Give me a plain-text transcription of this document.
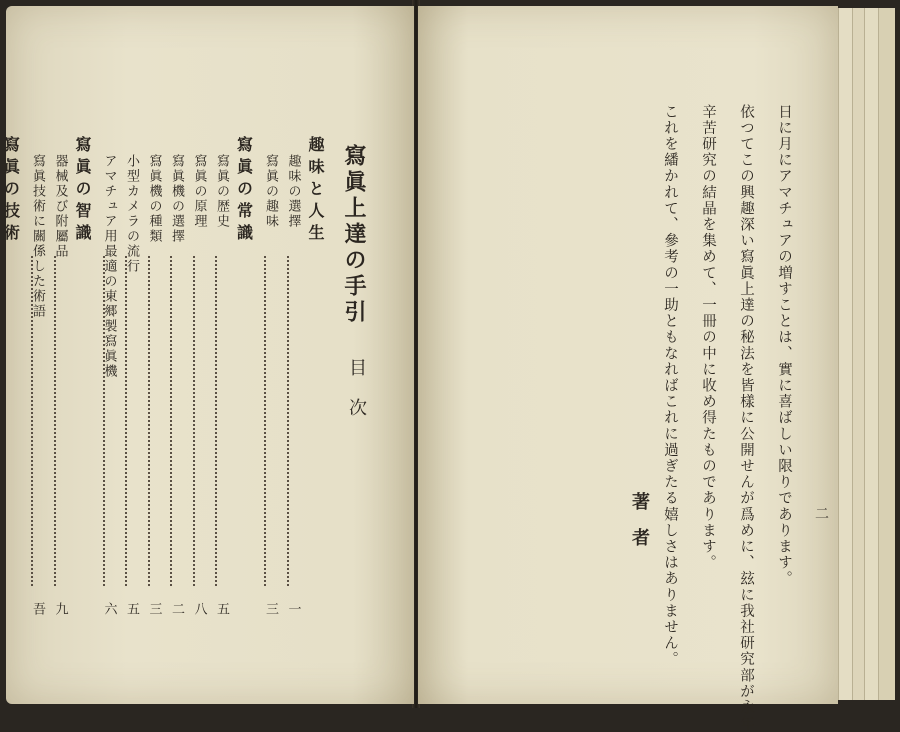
寫眞上達の手引
目次
趣味と人生
趣味の選擇
一
寫眞の趣味
三
寫眞の常識
寫眞の歴史
五
寫眞の原理
八
寫眞機の選擇
二
寫眞機の種類
三
小型カメラの流行
五
アマチュア用最適の東郷製寫眞機
六
寫眞の智識
器械及び附屬品
九
寫眞技術に關係した術語
吾
寫眞の技術	日に月にアマチュアの増すことは、實に喜ばしい限りであります。
依つてこの興趣深い寫眞上達の秘法を皆樣に公開せんが爲めに、玆に我社研究部が永年
辛苦研究の結晶を集めて、一冊の中に收め得たものであります。
これを繙かれて、參考の一助ともなればこれに過ぎたる嬉しさはありません。
著　者	二
